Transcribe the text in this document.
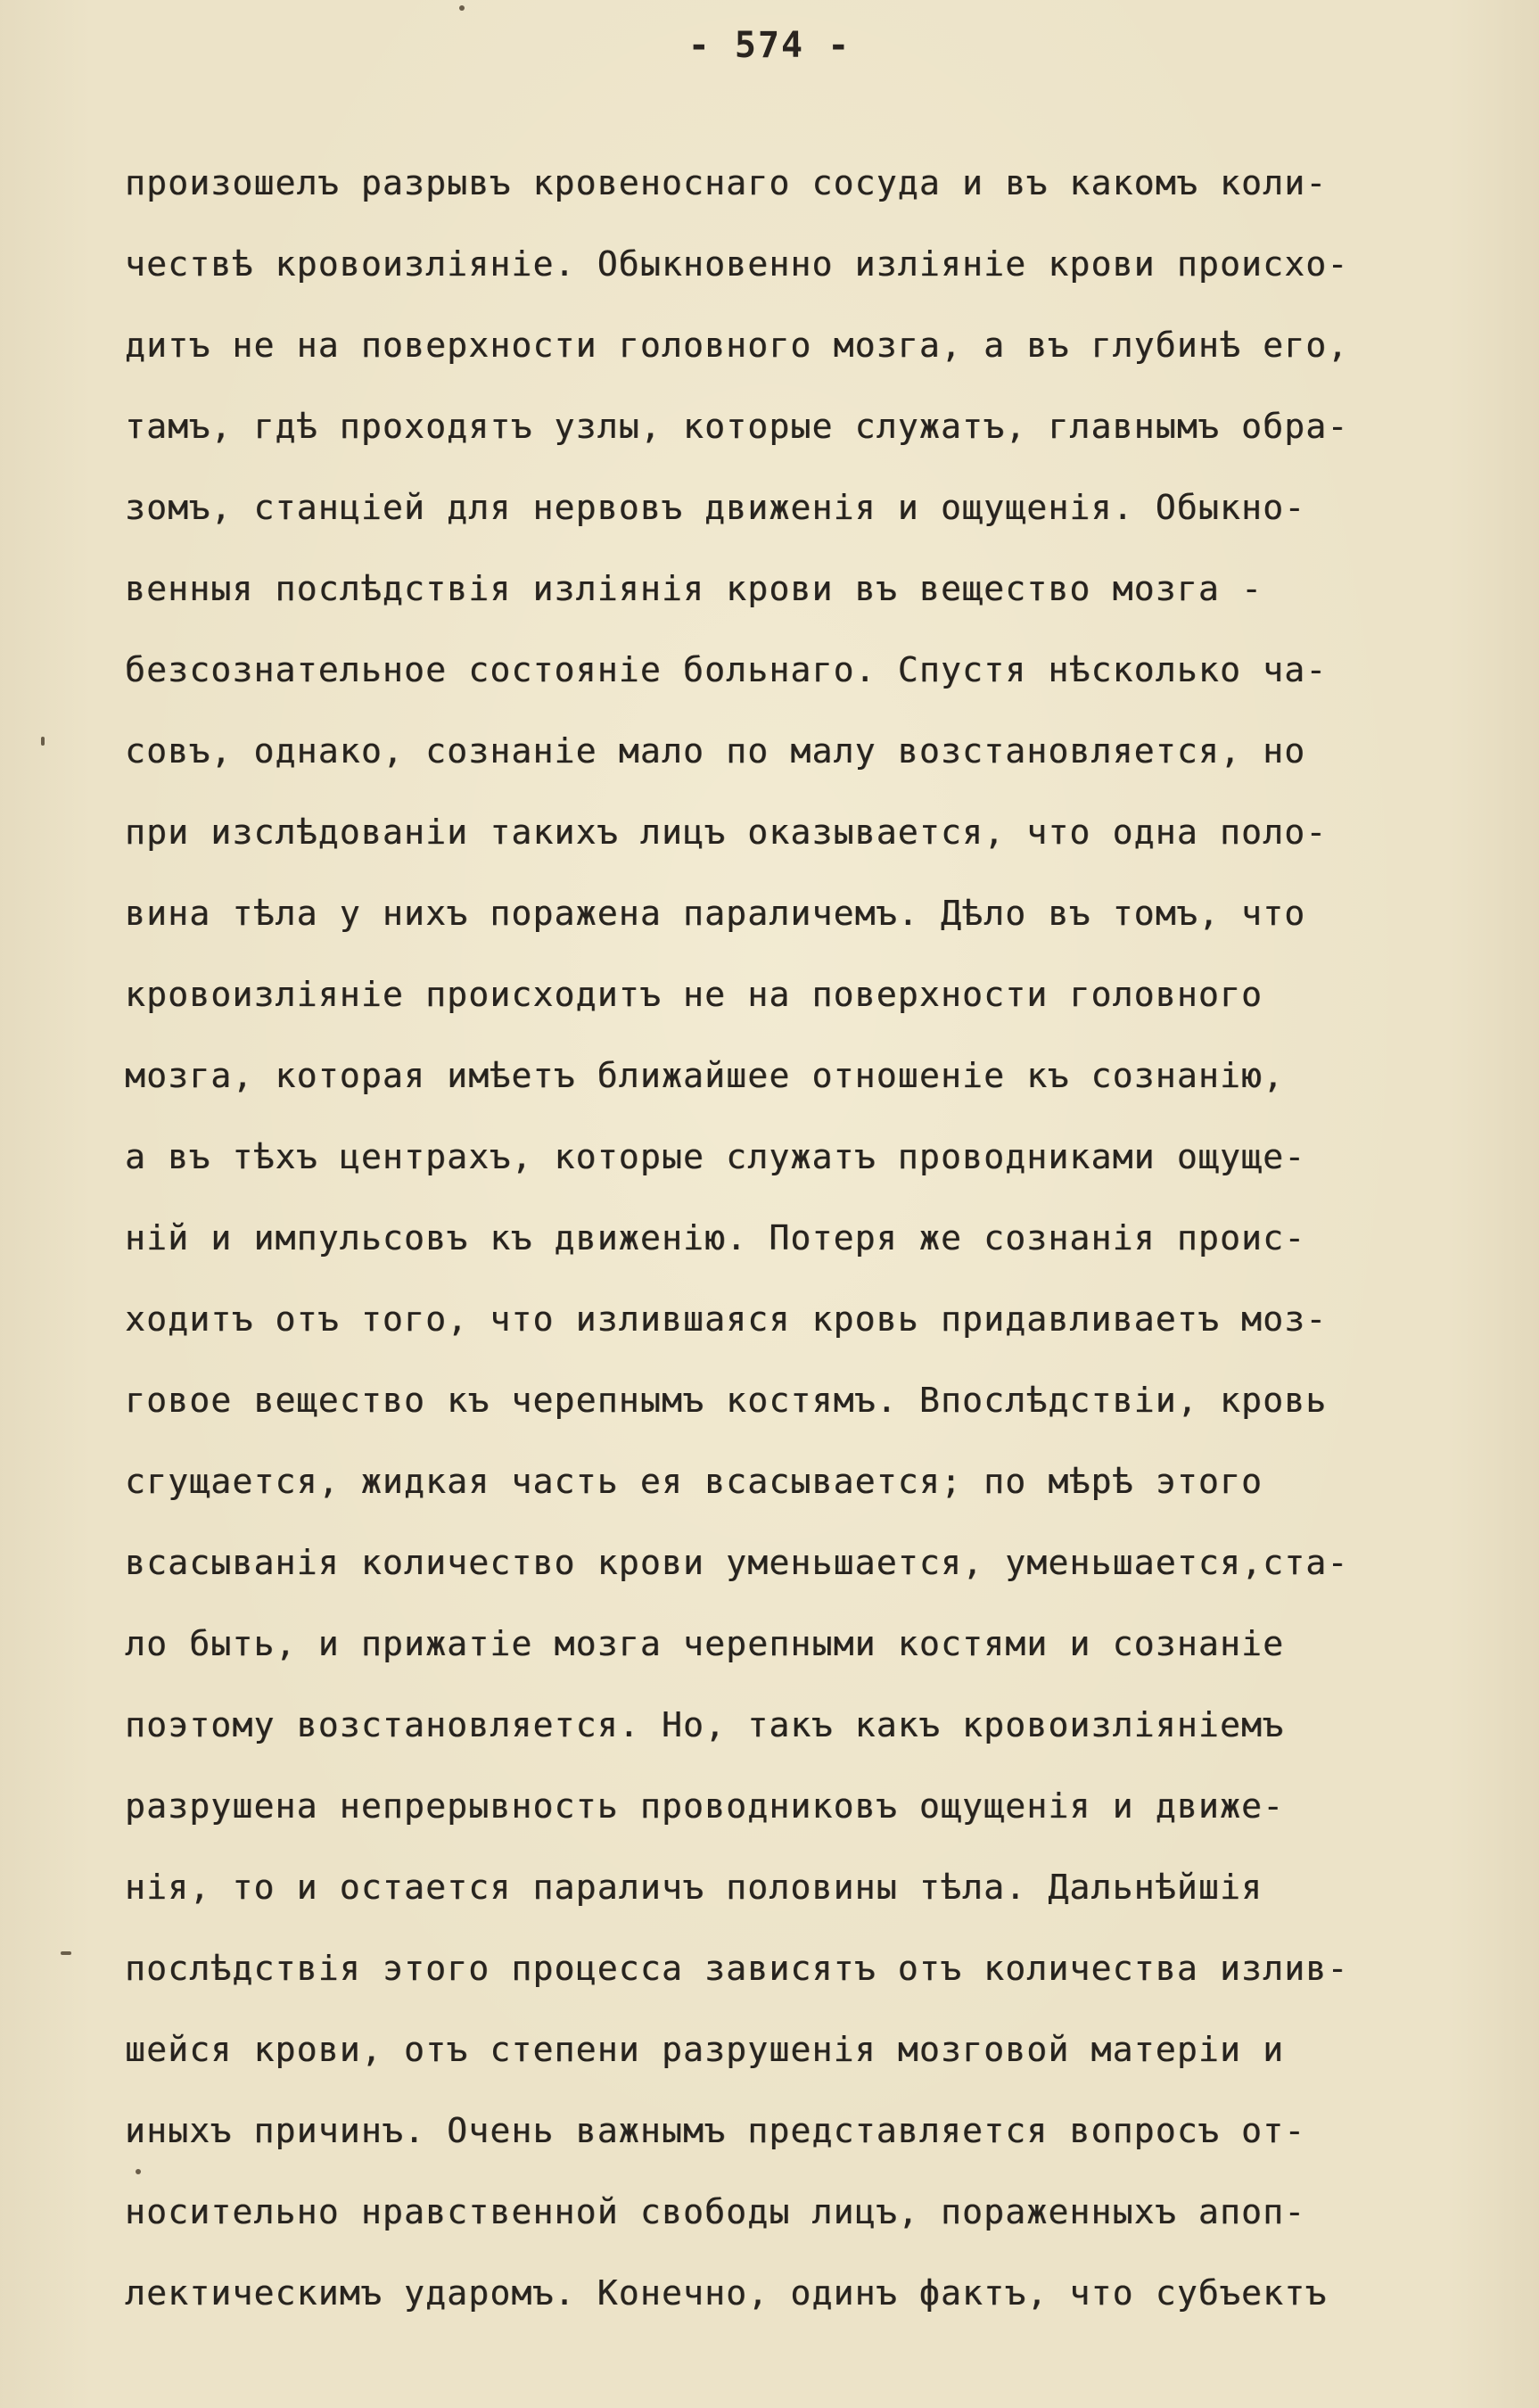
- 574 -
произошелъ разрывъ кровеноснаго сосуда и въ какомъ коли-
чествѣ кровоизлiянiе. Обыкновенно излiянiе крови происхо-
дитъ не на поверхности головного мозга, а въ глубинѣ его,
тамъ, гдѣ проходятъ узлы, которые служатъ, главнымъ обра-
зомъ, станцiей для нервовъ движенiя и ощущенiя. Обыкно-
венныя послѣдствiя излiянiя крови въ вещество мозга -
безсознательное состоянiе больнаго. Спустя нѣсколько ча-
совъ, однако, сознанiе мало по малу возстановляется, но
при изслѣдованiи такихъ лицъ оказывается, что одна поло-
вина тѣла у нихъ поражена параличемъ. Дѣло въ томъ, что
кровоизлiянiе происходитъ не на поверхности головного
мозга, которая имѣетъ ближайшее отношенiе къ сознанiю,
а въ тѣхъ центрахъ, которые служатъ проводниками ощуще-
нiй и импульсовъ къ движенiю. Потеря же сознанiя проис-
ходитъ отъ того, что излившаяся кровь придавливаетъ моз-
говое вещество къ черепнымъ костямъ. Впослѣдствiи, кровь
сгущается, жидкая часть ея всасывается; по мѣрѣ этого
всасыванiя количество крови уменьшается, уменьшается,ста-
ло быть, и прижатiе мозга черепными костями и сознанiе
поэтому возстановляется. Но, такъ какъ кровоизлiянiемъ
разрушена непрерывность проводниковъ ощущенiя и движе-
нiя, то и остается параличъ половины тѣла. Дальнѣйшiя
послѣдствiя этого процесса зависятъ отъ количества излив-
шейся крови, отъ степени разрушенiя мозговой матерiи и
иныхъ причинъ. Очень важнымъ представляется вопросъ от-
носительно нравственной свободы лицъ, пораженныхъ апоп-
лектическимъ ударомъ. Конечно, одинъ фактъ, что субъектъ
